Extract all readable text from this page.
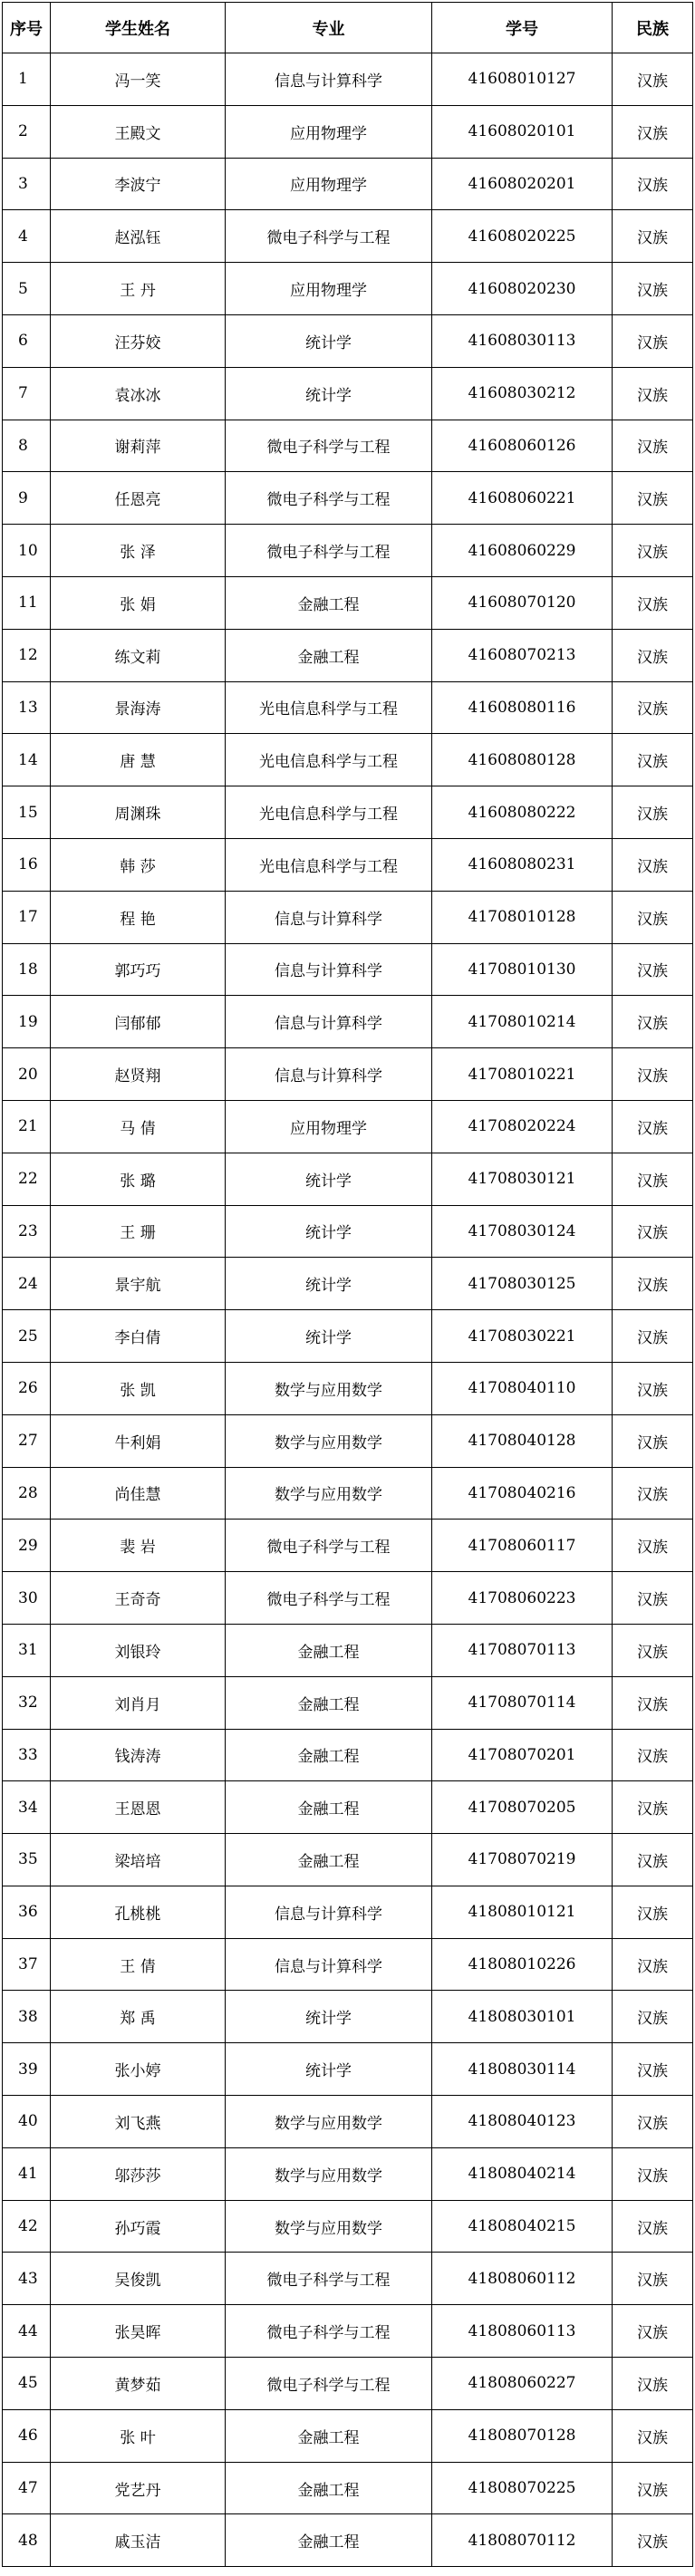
序号	学生姓名	专业	学号	民族
1	冯一笑	信息与计算科学	41608010127	汉族
2	王殿文	应用物理学	41608020101	汉族
3	李波宁	应用物理学	41608020201	汉族
4	赵泓钰	微电子科学与工程	41608020225	汉族
5	王 丹	应用物理学	41608020230	汉族
6	汪芬姣	统计学	41608030113	汉族
7	袁冰冰	统计学	41608030212	汉族
8	谢莉萍	微电子科学与工程	41608060126	汉族
9	任恩亮	微电子科学与工程	41608060221	汉族
10	张 泽	微电子科学与工程	41608060229	汉族
11	张 娟	金融工程	41608070120	汉族
12	练文莉	金融工程	41608070213	汉族
13	景海涛	光电信息科学与工程	41608080116	汉族
14	唐 慧	光电信息科学与工程	41608080128	汉族
15	周渊珠	光电信息科学与工程	41608080222	汉族
16	韩 莎	光电信息科学与工程	41608080231	汉族
17	程 艳	信息与计算科学	41708010128	汉族
18	郭巧巧	信息与计算科学	41708010130	汉族
19	闫郁郁	信息与计算科学	41708010214	汉族
20	赵贤翔	信息与计算科学	41708010221	汉族
21	马 倩	应用物理学	41708020224	汉族
22	张 璐	统计学	41708030121	汉族
23	王 珊	统计学	41708030124	汉族
24	景宇航	统计学	41708030125	汉族
25	李白倩	统计学	41708030221	汉族
26	张 凯	数学与应用数学	41708040110	汉族
27	牛利娟	数学与应用数学	41708040128	汉族
28	尚佳慧	数学与应用数学	41708040216	汉族
29	裴 岩	微电子科学与工程	41708060117	汉族
30	王奇奇	微电子科学与工程	41708060223	汉族
31	刘银玲	金融工程	41708070113	汉族
32	刘肖月	金融工程	41708070114	汉族
33	钱涛涛	金融工程	41708070201	汉族
34	王恩恩	金融工程	41708070205	汉族
35	梁培培	金融工程	41708070219	汉族
36	孔桃桃	信息与计算科学	41808010121	汉族
37	王 倩	信息与计算科学	41808010226	汉族
38	郑 禹	统计学	41808030101	汉族
39	张小婷	统计学	41808030114	汉族
40	刘飞燕	数学与应用数学	41808040123	汉族
41	邬莎莎	数学与应用数学	41808040214	汉族
42	孙巧霞	数学与应用数学	41808040215	汉族
43	吴俊凯	微电子科学与工程	41808060112	汉族
44	张昊晖	微电子科学与工程	41808060113	汉族
45	黄梦茹	微电子科学与工程	41808060227	汉族
46	张 叶	金融工程	41808070128	汉族
47	党艺丹	金融工程	41808070225	汉族
48	戚玉洁	金融工程	41808070112	汉族
